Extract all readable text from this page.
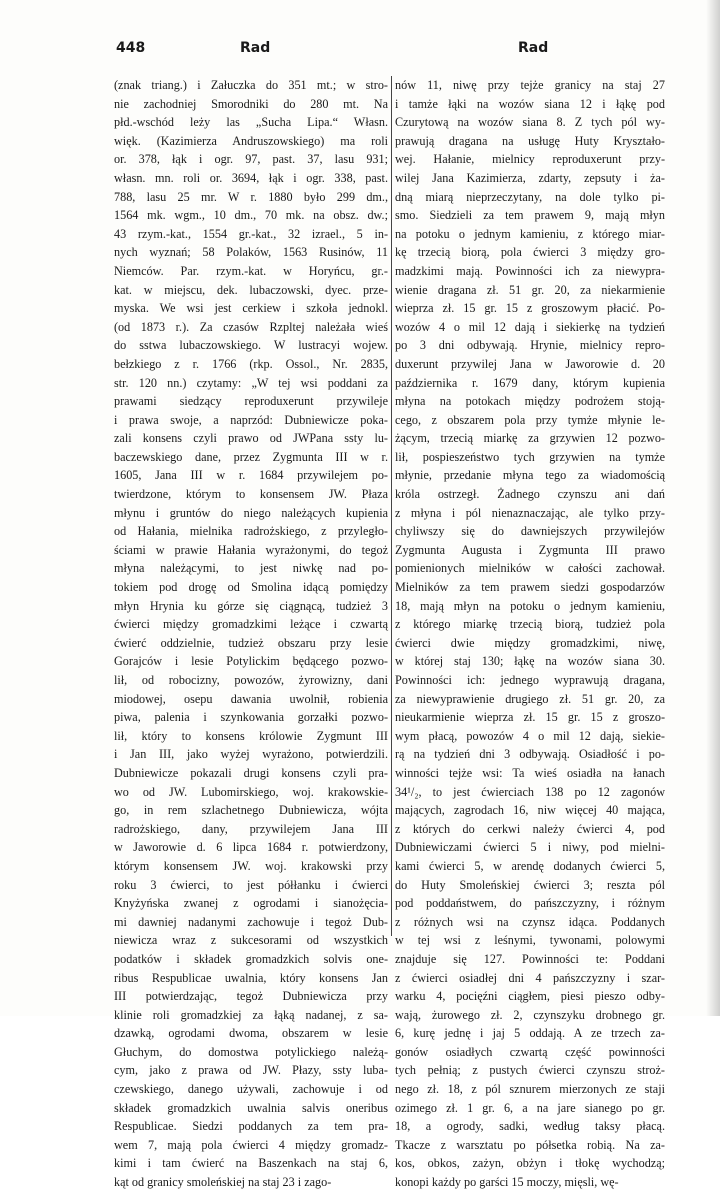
448	Rad	Rad
(znak triang.) i Załuczka do 351 mt.; w stro-
nie zachodniej Smorodniki do 280 mt. Na
płd.-wschód leży las „Sucha Lipa.“ Własn.
więk. (Kazimierza Andruszowskiego) ma roli
or. 378, łąk i ogr. 97, past. 37, lasu 931;
własn. mn. roli or. 3694, łąk i ogr. 338, past.
788, lasu 25 mr. W r. 1880 było 299 dm.,
1564 mk. wgm., 10 dm., 70 mk. na obsz. dw.;
43 rzym.-kat., 1554 gr.-kat., 32 izrael., 5 in-
nych wyznań; 58 Polaków, 1563 Rusinów, 11
Niemców. Par. rzym.-kat. w Horyńcu, gr.-
kat. w miejscu, dek. lubaczowski, dyec. prze-
myska. We wsi jest cerkiew i szkoła jednokl.
(od 1873 r.). Za czasów Rzpltej należała wieś
do sstwa lubaczowskiego. W lustracyi wojew.
bełzkiego z r. 1766 (rkp. Ossol., Nr. 2835,
str. 120 nn.) czytamy: „W tej wsi poddani za
prawami siedzący reproduxerunt przywileje
i prawa swoje, a naprzód: Dubniewicze poka-
zali konsens czyli prawo od JWPana ssty lu-
baczewskiego dane, przez Zygmunta III w r.
1605, Jana III w r. 1684 przywilejem po-
twierdzone, którym to konsensem JW. Płaza
młynu i gruntów do niego należących kupienia
od Hałania, mielnika radrożskiego, z przyległo-
ściami w prawie Hałania wyrażonymi, do tegoż
młyna należącymi, to jest niwkę nad po-
tokiem pod drogę od Smolina idącą pomiędzy
młyn Hrynia ku górze się ciągnącą, tudzież 3
ćwierci między gromadzkimi leżące i czwartą
ćwierć oddzielnie, tudzież obszaru przy lesie
Gorajców i lesie Potylickim będącego pozwo-
lił, od robocizny, powozów, żyrowizny, dani
miodowej, osepu dawania uwolnił, robienia
piwa, palenia i szynkowania gorzałki pozwo-
lił, który to konsens królowie Zygmunt III
i Jan III, jako wyżej wyrażono, potwierdzili.
Dubniewicze pokazali drugi konsens czyli pra-
wo od JW. Lubomirskiego, woj. krakowskie-
go, in rem szlachetnego Dubniewicza, wójta
radrożskiego, dany, przywilejem Jana III
w Jaworowie d. 6 lipca 1684 r. potwierdzony,
którym konsensem JW. woj. krakowski przy
roku 3 ćwierci, to jest półłanku i ćwierci
Knyżyńska zwanej z ogrodami i sianożęcia-
mi dawniej nadanymi zachowuje i tegoż Dub-
niewicza wraz z sukcesorami od wszystkich
podatków i składek gromadzkich solvis one-
ribus Respublicae uwalnia, który konsens Jan
III potwierdzając, tegoż Dubniewicza przy
klinie roli gromadzkiej za łąką nadanej, z sa-
dzawką, ogrodami dwoma, obszarem w lesie
Głuchym, do domostwa potylickiego należą-
cym, jako z prawa od JW. Płazy, ssty luba-
czewskiego, danego używali, zachowuje i od
składek gromadzkich uwalnia salvis oneribus
Respublicae. Siedzi poddanych za tem pra-
wem 7, mają pola ćwierci 4 między gromadz-
kimi i tam ćwierć na Baszenkach na staj 6,
kąt od granicy smoleńskiej na staj 23 i zago-
nów 11, niwę przy tejże granicy na staj 27
i tamże łąki na wozów siana 12 i łąkę pod
Czurytową na wozów siana 8. Z tych pól wy-
prawują dragana na usługę Huty Kryształo-
wej. Hałanie, mielnicy reproduxerunt przy-
wilej Jana Kazimierza, zdarty, zepsuty i ża-
dną miarą nieprzeczytany, na dole tylko pi-
smo. Siedzieli za tem prawem 9, mają młyn
na potoku o jednym kamieniu, z którego miar-
kę trzecią biorą, pola ćwierci 3 między gro-
madzkimi mają. Powinności ich za niewypra-
wienie dragana zł. 51 gr. 20, za niekarmienie
wieprza zł. 15 gr. 15 z groszowym płacić. Po-
wozów 4 o mil 12 dają i siekierkę na tydzień
po 3 dni odbywają. Hrynie, mielnicy repro-
duxerunt przywilej Jana w Jaworowie d. 20
października r. 1679 dany, którym kupienia
młyna na potokach między podrożem stoją-
cego, z obszarem pola przy tymże młynie le-
żącym, trzecią miarkę za grzywien 12 pozwo-
lił, pospieszeństwo tych grzywien na tymże
młynie, przedanie młyna tego za wiadomością
króla ostrzegł. Żadnego czynszu ani dań
z młyna i pól nienaznaczając, ale tylko przy-
chyliwszy się do dawniejszych przywilejów
Zygmunta Augusta i Zygmunta III prawo
pomienionych mielników w całości zachował.
Mielników za tem prawem siedzi gospodarzów
18, mają młyn na potoku o jednym kamieniu,
z którego miarkę trzecią biorą, tudzież pola
ćwierci dwie między gromadzkimi, niwę,
w której staj 130; łąkę na wozów siana 30.
Powinności ich: jednego wyprawują dragana,
za niewyprawienie drugiego zł. 51 gr. 20, za
nieukarmienie wieprza zł. 15 gr. 15 z groszo-
wym płacą, powozów 4 o mil 12 dają, siekie-
rą na tydzień dni 3 odbywają. Osiadłość i po-
winności tejże wsi: Ta wieś osiadła na łanach
34¹/₂, to jest ćwierciach 138 po 12 zagonów
mających, zagrodach 16, niw więcej 40 mająca,
z których do cerkwi należy ćwierci 4, pod
Dubniewiczami ćwierci 5 i niwy, pod mielni-
kami ćwierci 5, w arendę dodanych ćwierci 5,
do Huty Smoleńskiej ćwierci 3; reszta pól
pod poddaństwem, do pańszczyzny, i różnym
z różnych wsi na czynsz idąca. Poddanych
w tej wsi z leśnymi, tywonami, polowymi
znajduje się 127. Powinności te: Poddani
z ćwierci osiadłej dni 4 pańszczyzny i szar-
warku 4, pocięźni ciągłem, piesi pieszo odby-
wają, żurowego zł. 2, czynszyku drobnego gr.
6, kurę jednę i jaj 5 oddają. A ze trzech za-
gonów osiadłych czwartą część powinności
tych pełnią; z pustych ćwierci czynszu stroż-
nego zł. 18, z pól sznurem mierzonych ze staji
ozimego zł. 1 gr. 6, a na jare sianego po gr.
18, a ogrody, sadki, według taksy płacą.
Tkacze z warsztatu po półsetka robią. Na za-
kos, obkos, zażyn, obżyn i tłokę wychodzą;
konopi każdy po garści 15 moczy, mięsli, wę-
